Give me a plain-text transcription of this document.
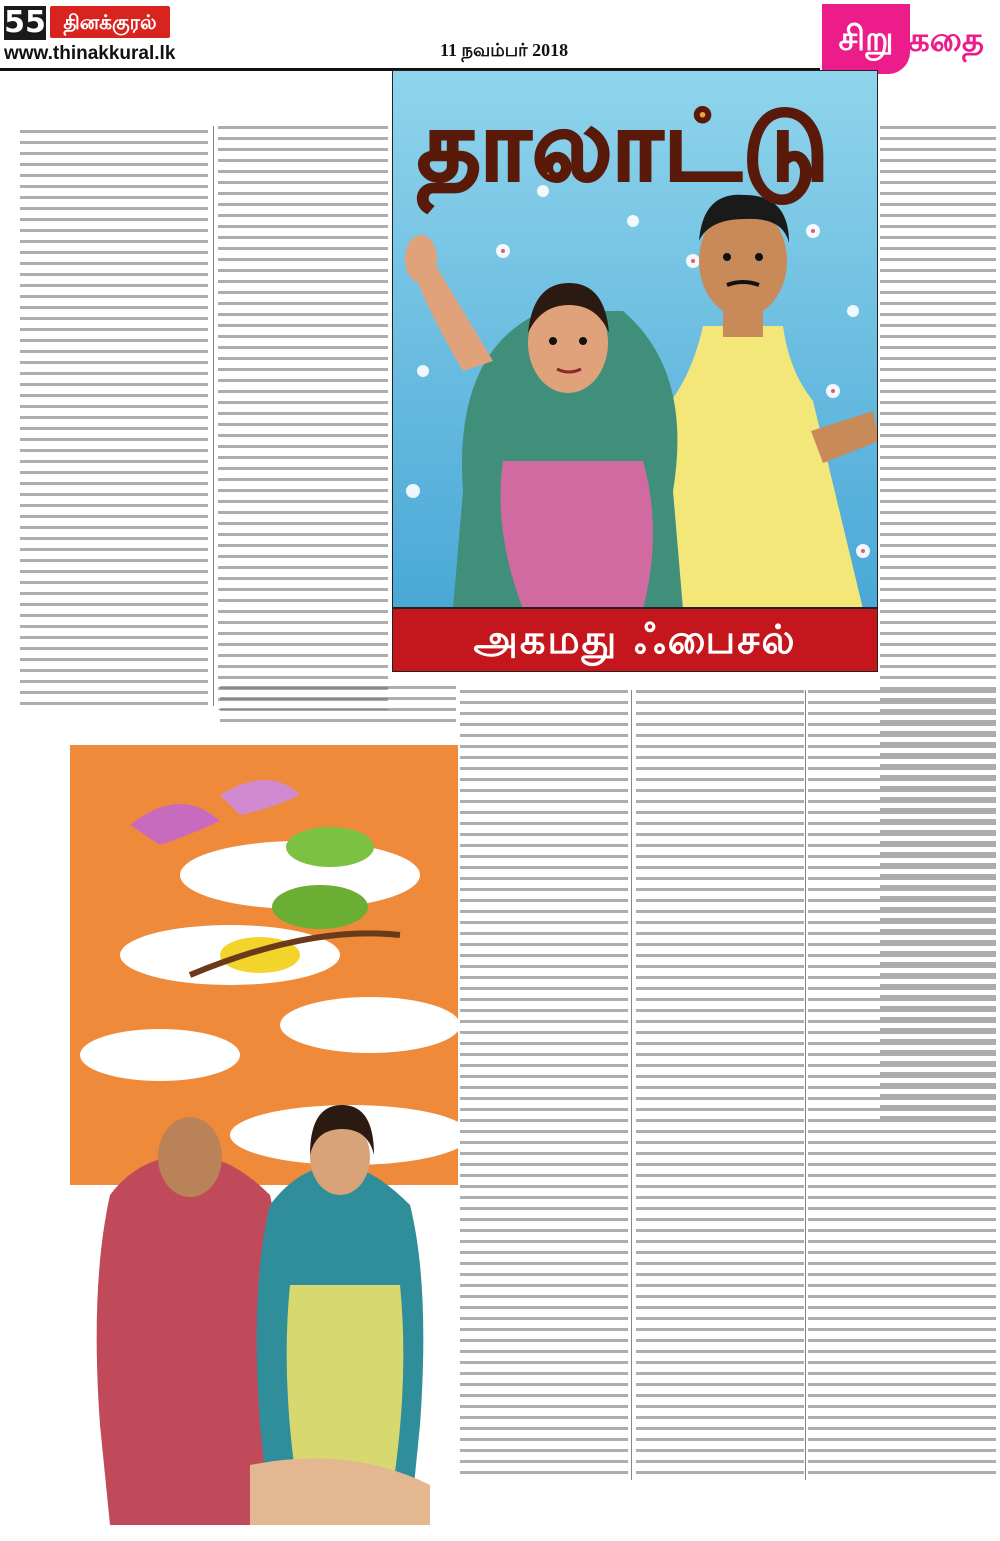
55 தினக்குரல்
www.thinakkural.lk	11 நவம்பர் 2018	சிறு கதை
தாலாட்டு
அகமது ஃபைசல்
